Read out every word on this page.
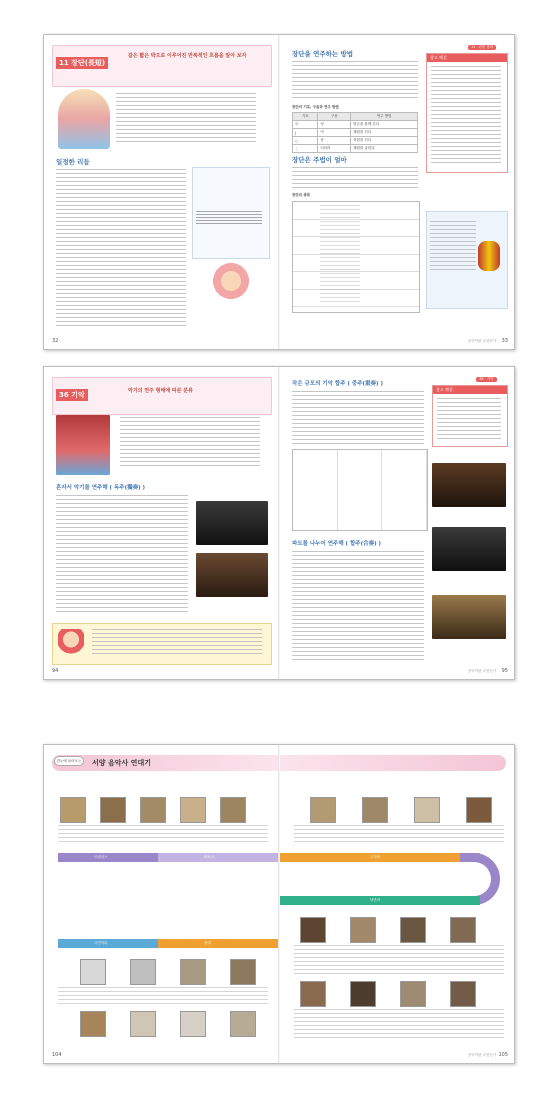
11 장단(長短)
같은 짧은 박으로 이루어진 반복적인 흐름을 알아 보자
일정한 리듬
32
장단을 연주하는 방법
장단의 기호, 구음과 연주 방법
기호	구음	연주 방법
ⓞ	덩	양손을 함께 친다
|	덕	채편을 친다
○	쿵	북편을 친다
⋮	더러러	채편을 굴린다
장단은 주법이 얼마
장단의 종류
11 · 관련 용어
참고 해설
음악이란 무엇인가 33
36 기악	악기의 연주 형태에 따른 분류
혼자서 악기를 연주해 ( 독주(獨奏) )
94
작은 규모의 기악 합주 ( 중주(重奏) )
파트를 나누어 연주해 ( 합주(合奏) )
36 · 기악
참고 해설
음악이란 무엇인가 95
한눈에 들어오는	서양 음악사 연대기
르네상스	바로크
국민악파	현대
104
고전파
낭만파
음악이란 무엇인가 105
